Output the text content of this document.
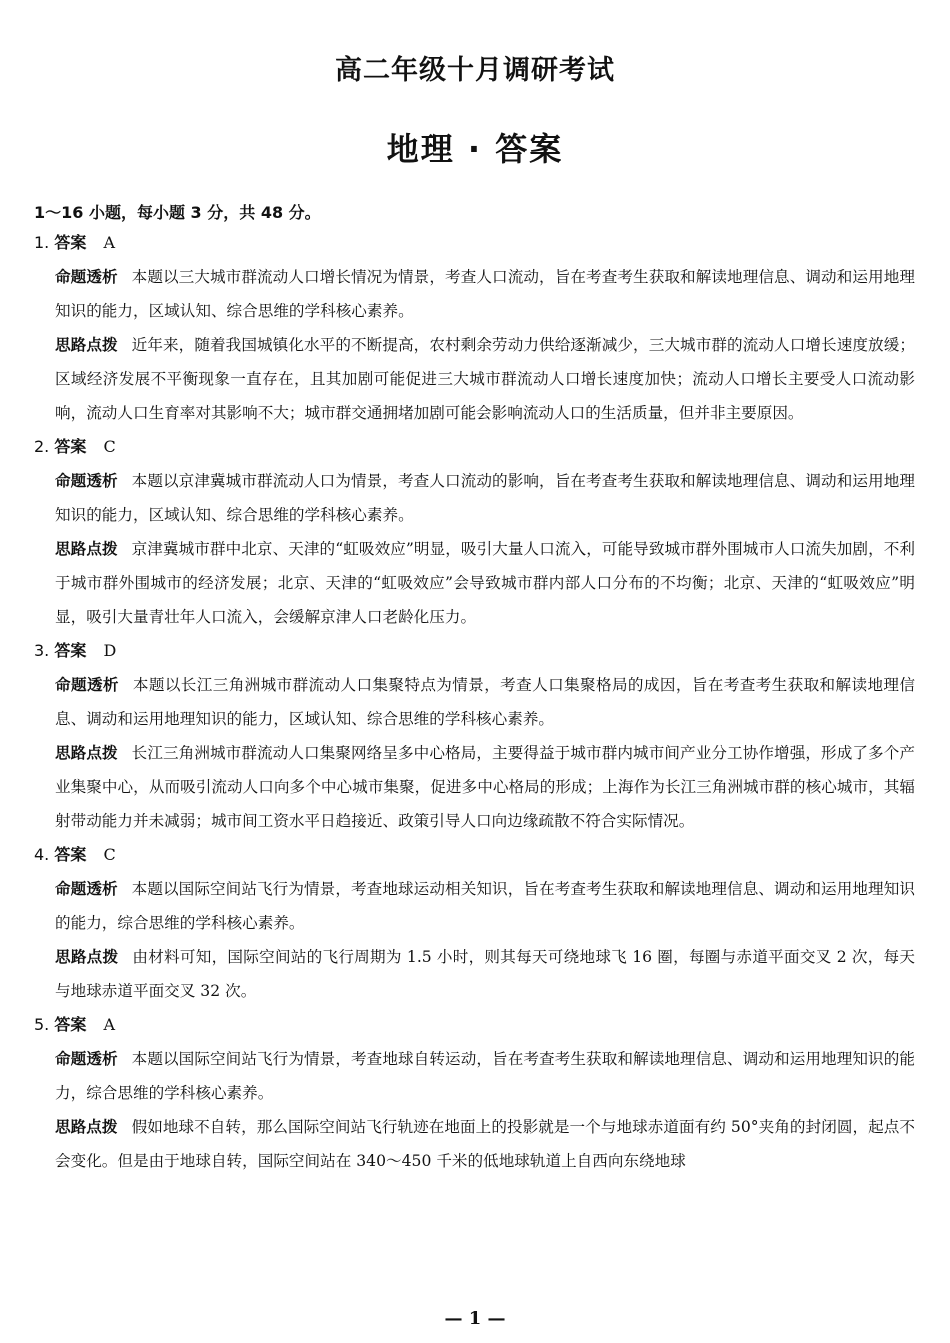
高二年级十月调研考试
地理 · 答案
1～16 小题，每小题 3 分，共 48 分。
1. 答案 A
命题透析 本题以三大城市群流动人口增长情况为情景，考查人口流动，旨在考查考生获取和解读地理信息、调动和运用地理知识的能力，区域认知、综合思维的学科核心素养。
思路点拨 近年来，随着我国城镇化水平的不断提高，农村剩余劳动力供给逐渐减少，三大城市群的流动人口增长速度放缓；区域经济发展不平衡现象一直存在，且其加剧可能促进三大城市群流动人口增长速度加快；流动人口增长主要受人口流动影响，流动人口生育率对其影响不大；城市群交通拥堵加剧可能会影响流动人口的生活质量，但并非主要原因。
2. 答案 C
命题透析 本题以京津冀城市群流动人口为情景，考查人口流动的影响，旨在考查考生获取和解读地理信息、调动和运用地理知识的能力，区域认知、综合思维的学科核心素养。
思路点拨 京津冀城市群中北京、天津的“虹吸效应”明显，吸引大量人口流入，可能导致城市群外围城市人口流失加剧，不利于城市群外围城市的经济发展；北京、天津的“虹吸效应”会导致城市群内部人口分布的不均衡；北京、天津的“虹吸效应”明显，吸引大量青壮年人口流入，会缓解京津人口老龄化压力。
3. 答案 D
命题透析 本题以长江三角洲城市群流动人口集聚特点为情景，考查人口集聚格局的成因，旨在考查考生获取和解读地理信息、调动和运用地理知识的能力，区域认知、综合思维的学科核心素养。
思路点拨 长江三角洲城市群流动人口集聚网络呈多中心格局，主要得益于城市群内城市间产业分工协作增强，形成了多个产业集聚中心，从而吸引流动人口向多个中心城市集聚，促进多中心格局的形成；上海作为长江三角洲城市群的核心城市，其辐射带动能力并未减弱；城市间工资水平日趋接近、政策引导人口向边缘疏散不符合实际情况。
4. 答案 C
命题透析 本题以国际空间站飞行为情景，考查地球运动相关知识，旨在考查考生获取和解读地理信息、调动和运用地理知识的能力，综合思维的学科核心素养。
思路点拨 由材料可知，国际空间站的飞行周期为 1.5 小时，则其每天可绕地球飞 16 圈，每圈与赤道平面交叉 2 次，每天与地球赤道平面交叉 32 次。
5. 答案 A
命题透析 本题以国际空间站飞行为情景，考查地球自转运动，旨在考查考生获取和解读地理信息、调动和运用地理知识的能力，综合思维的学科核心素养。
思路点拨 假如地球不自转，那么国际空间站飞行轨迹在地面上的投影就是一个与地球赤道面有约 50°夹角的封闭圆，起点不会变化。但是由于地球自转，国际空间站在 340～450 千米的低地球轨道上自西向东绕地球
— 1 —
